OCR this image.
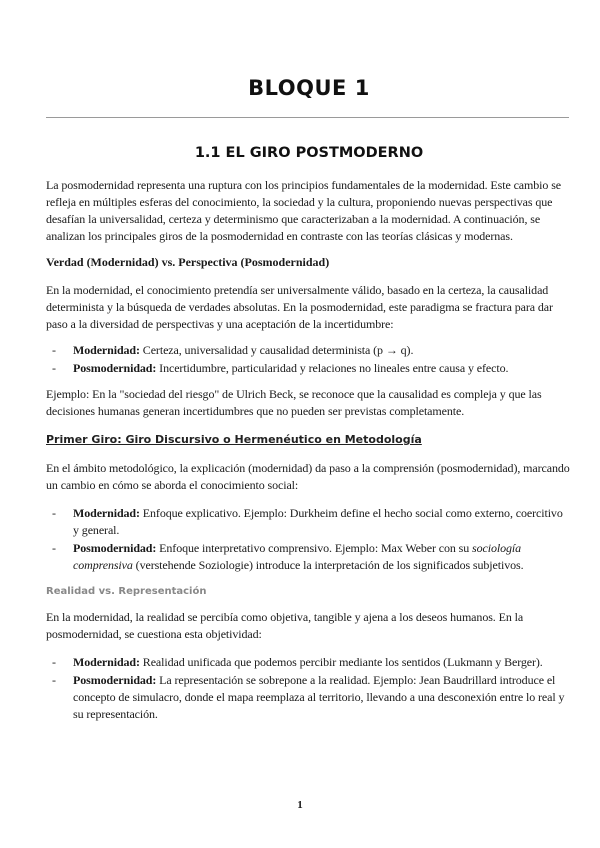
BLOQUE 1
1.1 EL GIRO POSTMODERNO

La posmodernidad representa una ruptura con los principios fundamentales de la modernidad. Este cambio se refleja en múltiples esferas del conocimiento, la sociedad y la cultura, proponiendo nuevas perspectivas que desafían la universalidad, certeza y determinismo que caracterizaban a la modernidad. A continuación, se analizan los principales giros de la posmodernidad en contraste con las teorías clásicas y modernas.

Verdad (Modernidad) vs. Perspectiva (Posmodernidad)

En la modernidad, el conocimiento pretendía ser universalmente válido, basado en la certeza, la causalidad determinista y la búsqueda de verdades absolutas. En la posmodernidad, este paradigma se fractura para dar paso a la diversidad de perspectivas y una aceptación de la incertidumbre:

- Modernidad: Certeza, universalidad y causalidad determinista (p → q).
- Posmodernidad: Incertidumbre, particularidad y relaciones no lineales entre causa y efecto.

Ejemplo: En la "sociedad del riesgo" de Ulrich Beck, se reconoce que la causalidad es compleja y que las decisiones humanas generan incertidumbres que no pueden ser previstas completamente.

Primer Giro: Giro Discursivo o Hermenéutico en Metodología

En el ámbito metodológico, la explicación (modernidad) da paso a la comprensión (posmodernidad), marcando un cambio en cómo se aborda el conocimiento social:

- Modernidad: Enfoque explicativo. Ejemplo: Durkheim define el hecho social como externo, coercitivo y general.
- Posmodernidad: Enfoque interpretativo comprensivo. Ejemplo: Max Weber con su sociología comprensiva (verstehende Soziologie) introduce la interpretación de los significados subjetivos.

Realidad vs. Representación

En la modernidad, la realidad se percibía como objetiva, tangible y ajena a los deseos humanos. En la posmodernidad, se cuestiona esta objetividad:

- Modernidad: Realidad unificada que podemos percibir mediante los sentidos (Lukmann y Berger).
- Posmodernidad: La representación se sobrepone a la realidad. Ejemplo: Jean Baudrillard introduce el concepto de simulacro, donde el mapa reemplaza al territorio, llevando a una desconexión entre lo real y su representación.
1
